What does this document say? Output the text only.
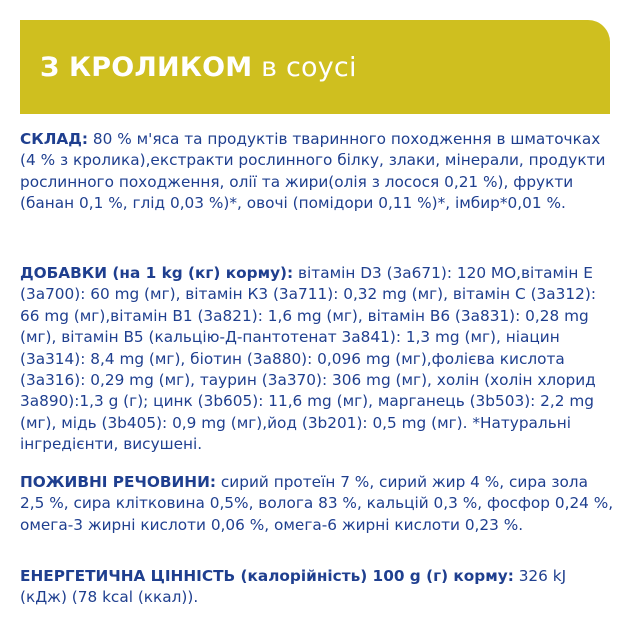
З КРОЛИКОМ в соусі

СКЛАД: 80 % м'яса та продуктів тваринного походження в шматочках (4 % з кролика),екстракти рослинного білку, злаки, мінерали, продукти рослинного походження, олії та жири(олія з лосося 0,21 %), фрукти (банан 0,1 %, глід 0,03 %)*, овочі (помідори 0,11 %)*, імбир*0,01 %.

ДОБАВКИ (на 1 kg (кг) корму): вітамін D3 (3а671): 120 МО,вітамін Е (3а700): 60 mg (мг), вітамін К3 (3а711): 0,32 mg (мг), вітамін С (3а312): 66 mg (мг),вітамін В1 (3а821): 1,6 mg (мг), вітамін В6 (3а831): 0,28 mg (мг), вітамін В5 (кальцію-Д-пантотенат 3а841): 1,3 mg (мг), ніацин (3а314): 8,4 mg (мг), біотин (3а880): 0,096 mg (мг),фолієва кислота (3а316): 0,29 mg (мг), таурин (3а370): 306 mg (мг), холін (холін хлорид 3а890):1,3 g (г); цинк (3b605): 11,6 mg (мг), марганець (3b503): 2,2 mg (мг), мідь (3b405): 0,9 mg (мг),йод (3b201): 0,5 mg (мг). *Натуральні інгредієнти, висушені.

ПОЖИВНІ РЕЧОВИНИ: сирий протеїн 7 %, сирий жир 4 %, сира зола 2,5 %, сира клітковина 0,5%, волога 83 %, кальцій 0,3 %, фосфор 0,24 %, омега-3 жирні кислоти 0,06 %, омега-6 жирні кислоти 0,23 %.

ЕНЕРГЕТИЧНА ЦІННІСТЬ (калорійність) 100 g (г) корму: 326 kJ (кДж) (78 kcal (ккал)).
